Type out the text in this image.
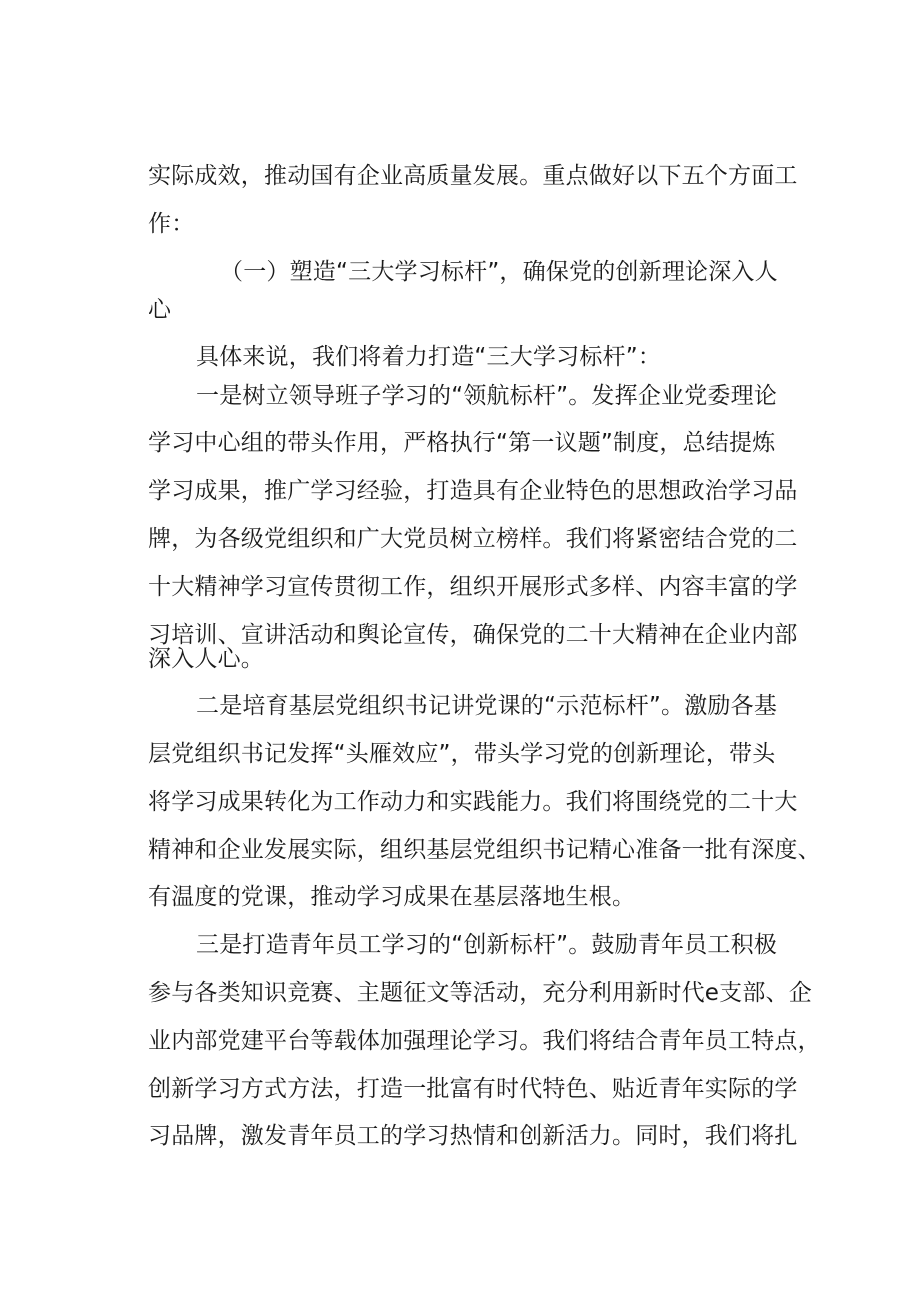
实际成效，推动国有企业高质量发展。重点做好以下五个方面工
作：
（一）塑造“三大学习标杆”，确保党的创新理论深入人
心
具体来说，我们将着力打造“三大学习标杆”：
一是树立领导班子学习的“领航标杆”。发挥企业党委理论
学习中心组的带头作用，严格执行“第一议题”制度，总结提炼
学习成果，推广学习经验，打造具有企业特色的思想政治学习品
牌，为各级党组织和广大党员树立榜样。我们将紧密结合党的二
十大精神学习宣传贯彻工作，组织开展形式多样、内容丰富的学
习培训、宣讲活动和舆论宣传，确保党的二十大精神在企业内部
深入人心。
二是培育基层党组织书记讲党课的“示范标杆”。激励各基
层党组织书记发挥“头雁效应”，带头学习党的创新理论，带头
将学习成果转化为工作动力和实践能力。我们将围绕党的二十大
精神和企业发展实际，组织基层党组织书记精心准备一批有深度、
有温度的党课，推动学习成果在基层落地生根。
三是打造青年员工学习的“创新标杆”。鼓励青年员工积极
参与各类知识竞赛、主题征文等活动，充分利用新时代e支部、企
业内部党建平台等载体加强理论学习。我们将结合青年员工特点，
创新学习方式方法，打造一批富有时代特色、贴近青年实际的学
习品牌，激发青年员工的学习热情和创新活力。同时，我们将扎
